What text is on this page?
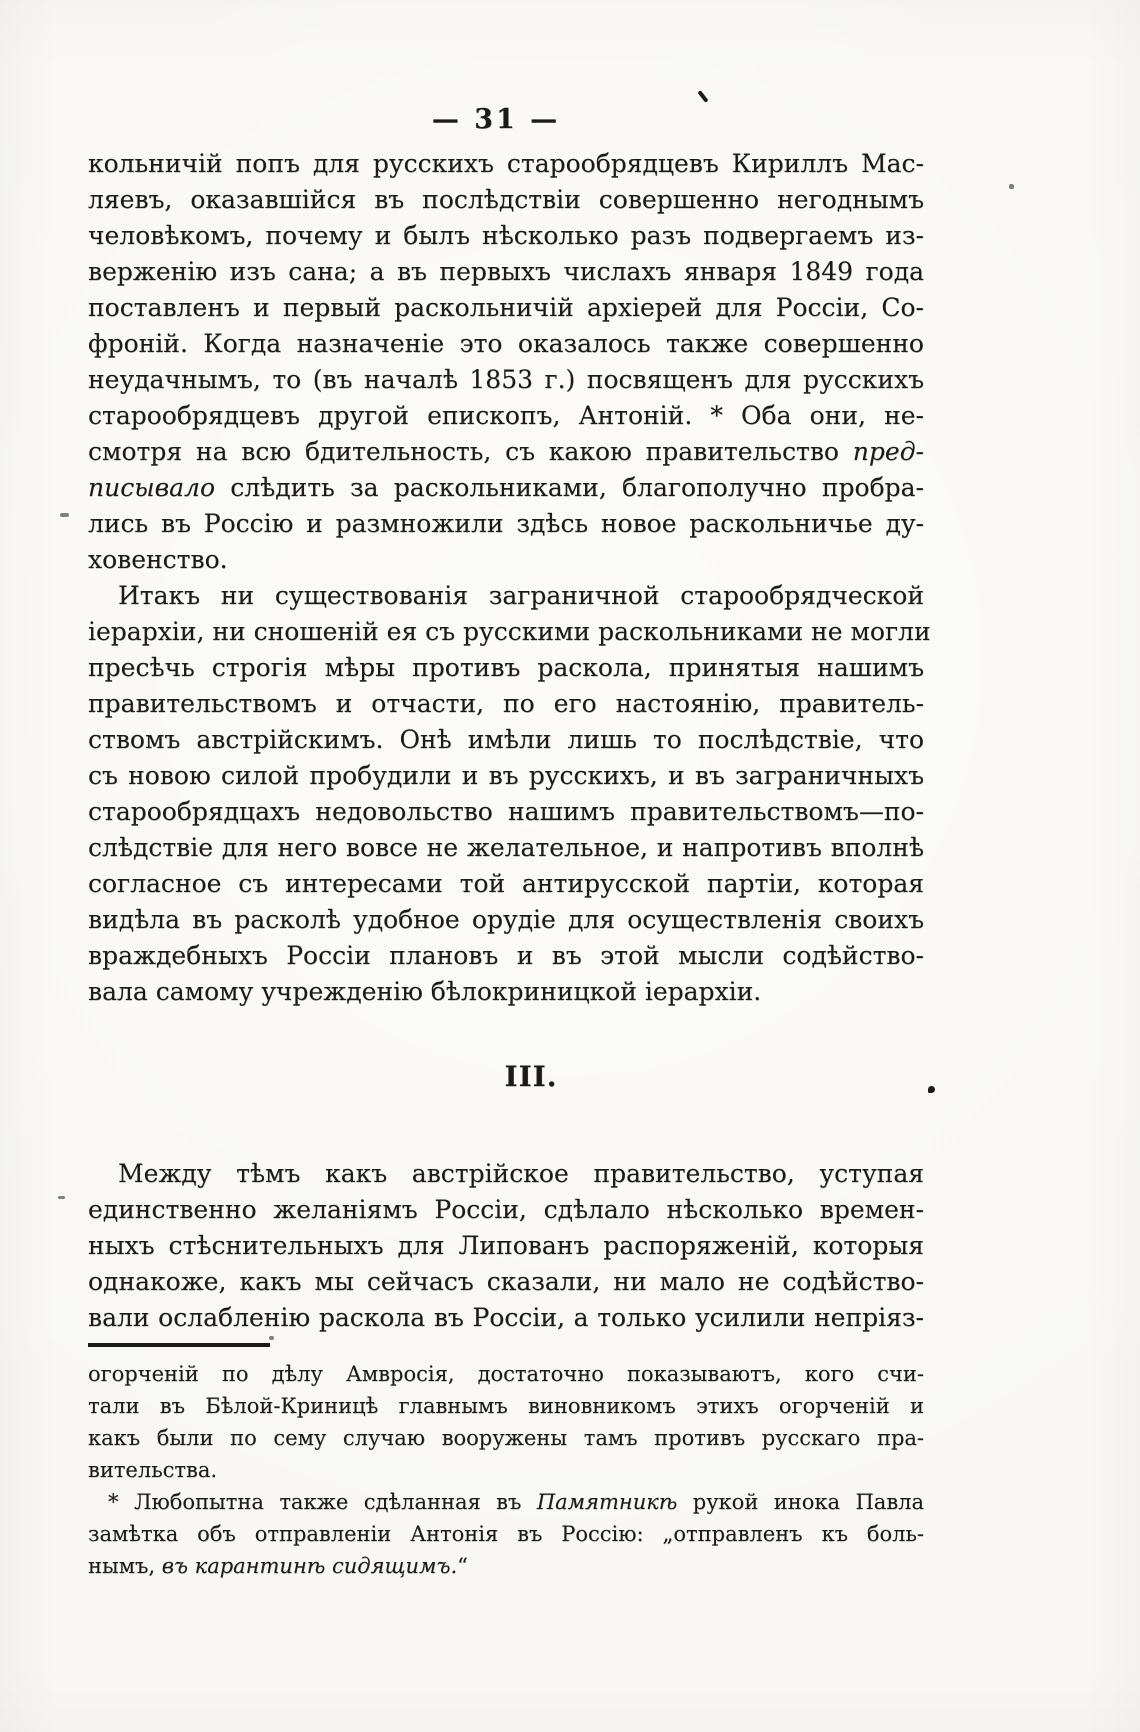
— 31 —
кольничій попъ для русскихъ старообрядцевъ Кириллъ Мас-
ляевъ, оказавшійся въ послѣдствіи совершенно негоднымъ
человѣкомъ, почему и былъ нѣсколько разъ подвергаемъ из-
верженію изъ сана; а въ первыхъ числахъ января 1849 года
поставленъ и первый раскольничій архіерей для Россіи, Со-
фроній. Когда назначеніе это оказалось также совершенно
неудачнымъ, то (въ началѣ 1853 г.) посвященъ для русскихъ
старообрядцевъ другой епископъ, Антоній. * Оба они, не-
смотря на всю бдительность, съ какою правительство пред-
писывало слѣдить за раскольниками, благополучно пробра-
лись въ Россію и размножили здѣсь новое раскольничье ду-
ховенство.
Итакъ ни существованія заграничной старообрядческой
іерархіи, ни сношеній ея съ русскими раскольниками не могли
пресѣчь строгія мѣры противъ раскола, принятыя нашимъ
правительствомъ и отчасти, по его настоянію, правитель-
ствомъ австрійскимъ. Онѣ имѣли лишь то послѣдствіе, что
съ новою силой пробудили и въ русскихъ, и въ заграничныхъ
старообрядцахъ недовольство нашимъ правительствомъ—по-
слѣдствіе для него вовсе не желательное, и напротивъ вполнѣ
согласное съ интересами той антирусской партіи, которая
видѣла въ расколѣ удобное орудіе для осуществленія своихъ
враждебныхъ Россіи плановъ и въ этой мысли содѣйство-
вала самому учрежденію бѣлокриницкой іерархіи.
III.
Между тѣмъ какъ австрійское правительство, уступая
единственно желаніямъ Россіи, сдѣлало нѣсколько времен-
ныхъ стѣснительныхъ для Липованъ распоряженій, которыя
однакоже, какъ мы сейчасъ сказали, ни мало не содѣйство-
вали ослабленію раскола въ Россіи, а только усилили непріяз-
огорченій по дѣлу Амвросія, достаточно показываютъ, кого счи-
тали въ Бѣлой-Криницѣ главнымъ виновникомъ этихъ огорченій и
какъ были по сему случаю вооружены тамъ противъ русскаго пра-
вительства.
* Любопытна также сдѣланная въ Памятникѣ рукой инока Павла
замѣтка объ отправленіи Антонія въ Россію: „отправленъ къ боль-
нымъ, въ карантинѣ сидящимъ.“
